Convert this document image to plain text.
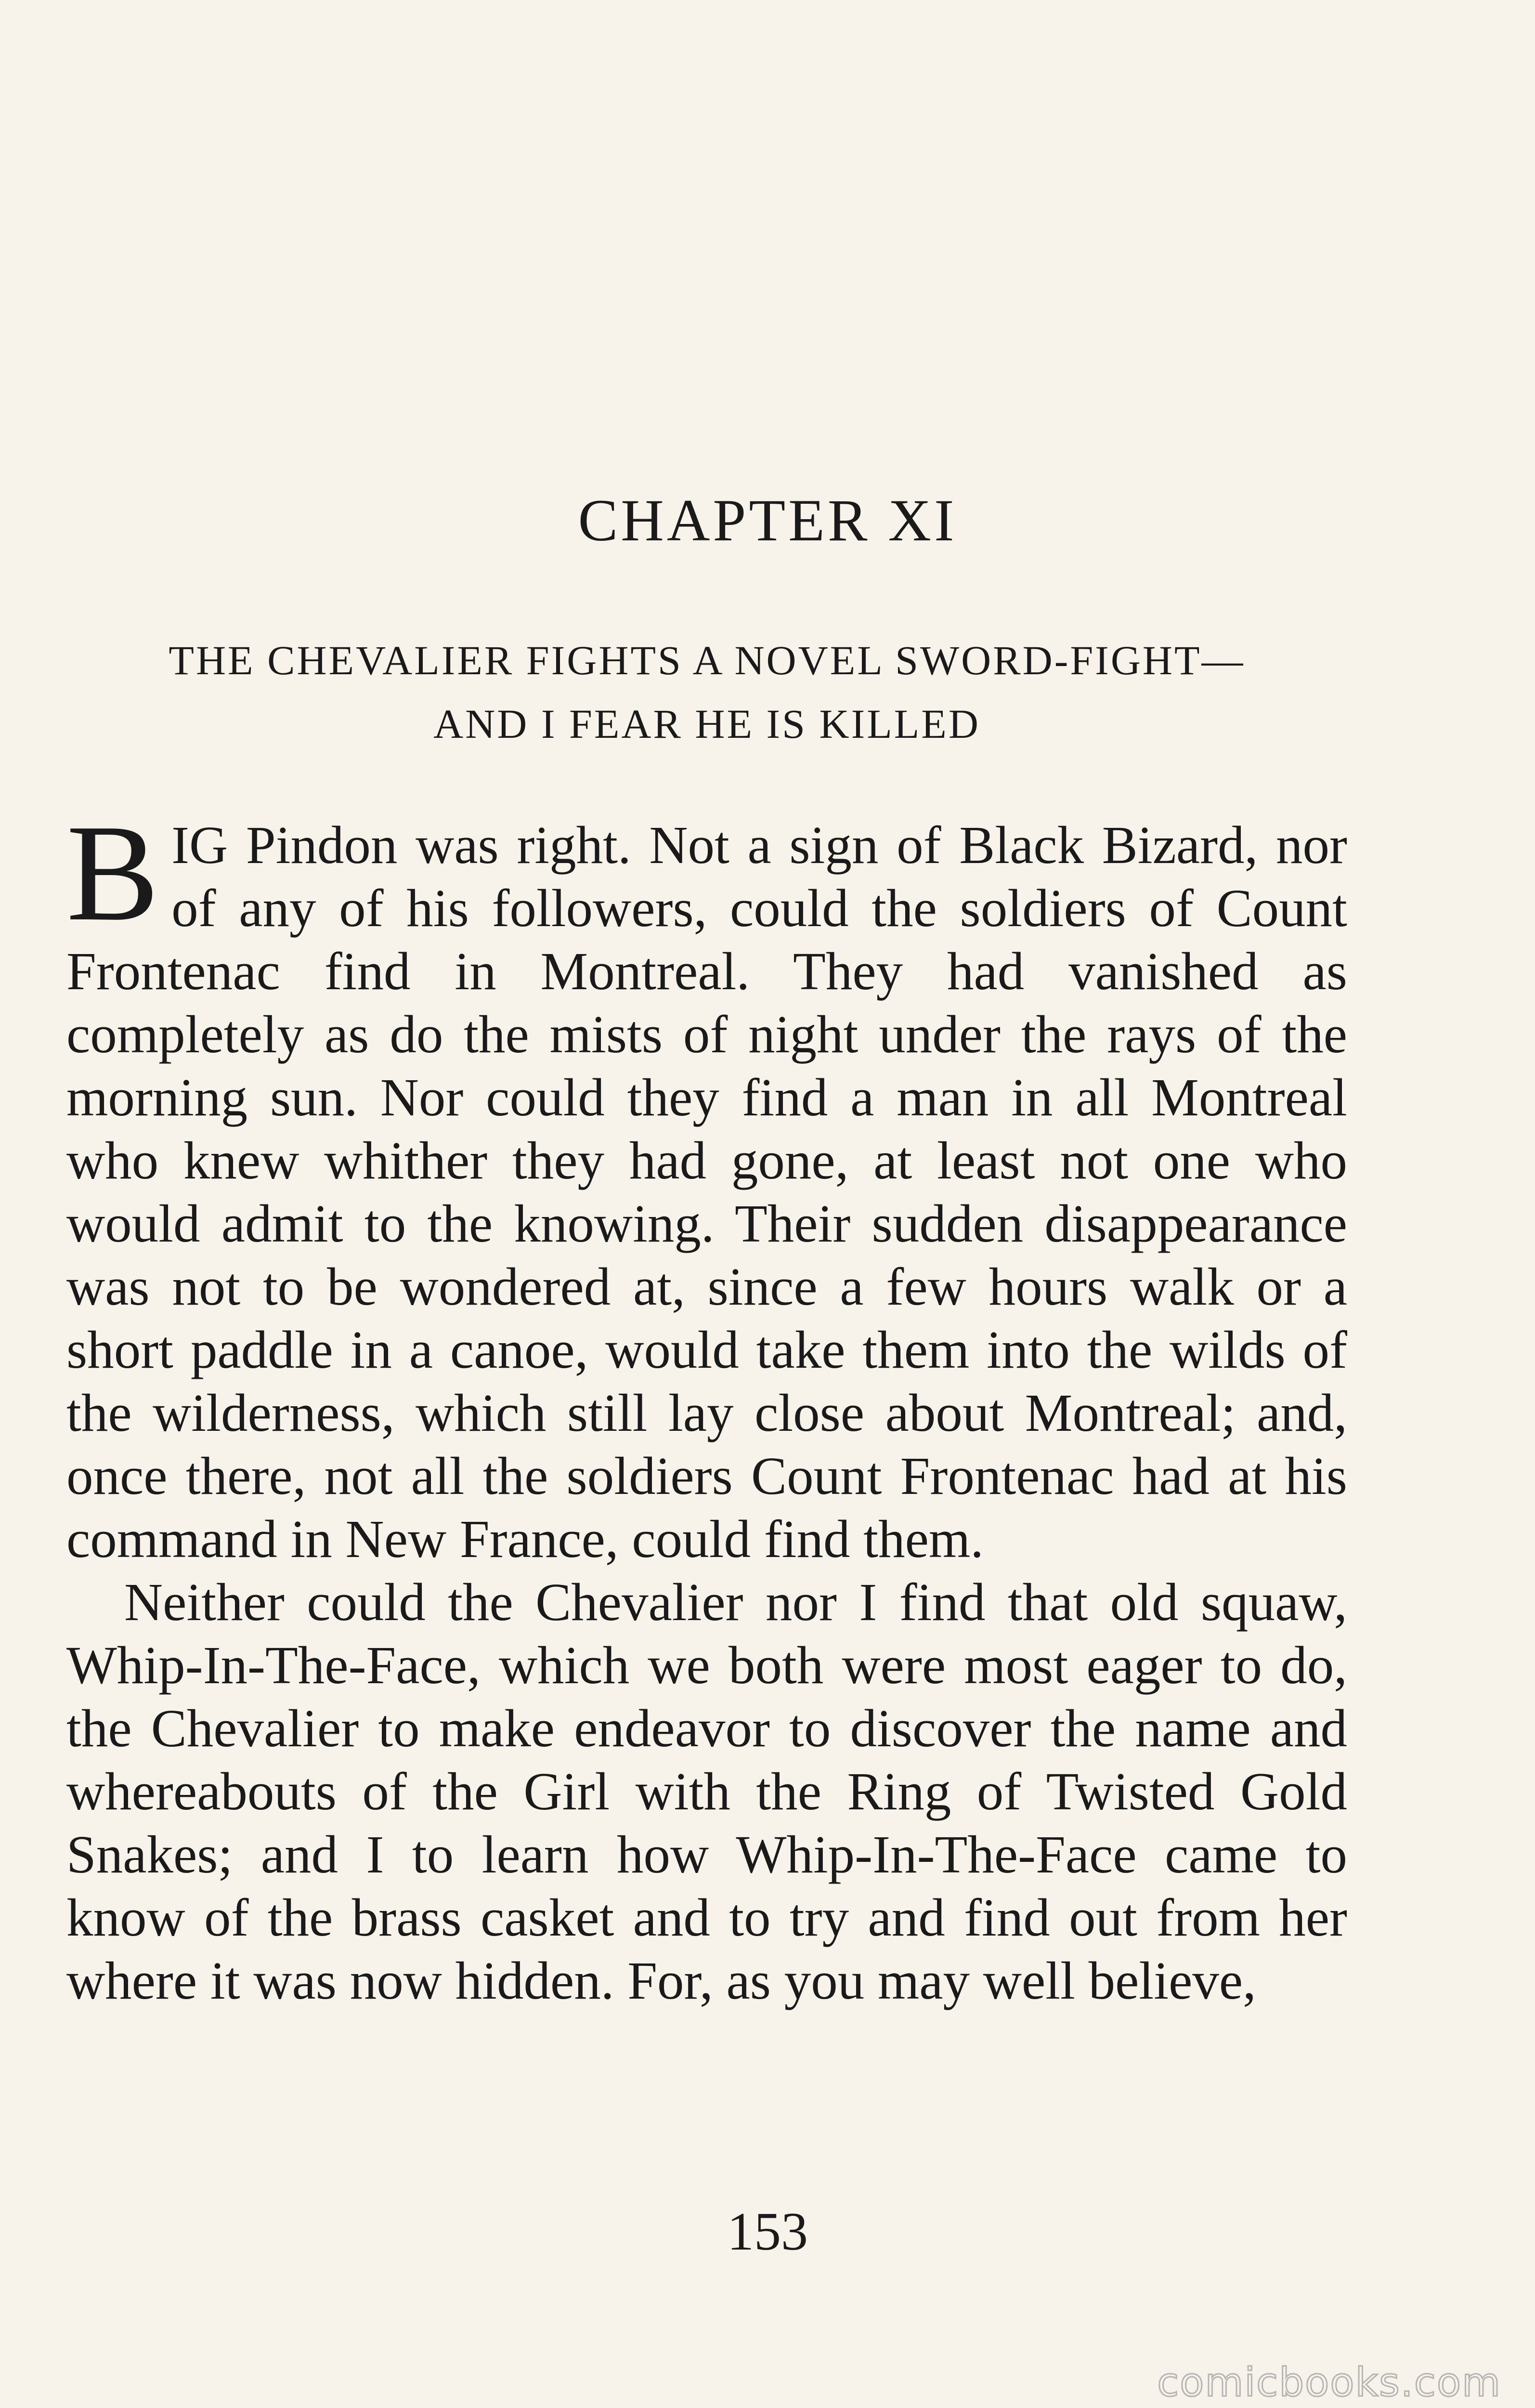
CHAPTER XI
THE CHEVALIER FIGHTS A NOVEL SWORD-FIGHT—
AND I FEAR HE IS KILLED

BIG Pindon was right. Not a sign of Black Bizard, nor of any of his followers, could the soldiers of Count Frontenac find in Montreal. They had vanished as completely as do the mists of night under the rays of the morning sun. Nor could they find a man in all Montreal who knew whither they had gone, at least not one who would admit to the knowing. Their sudden disappearance was not to be wondered at, since a few hours walk or a short paddle in a canoe, would take them into the wilds of the wilderness, which still lay close about Montreal; and, once there, not all the soldiers Count Frontenac had at his command in New France, could find them.

Neither could the Chevalier nor I find that old squaw, Whip-In-The-Face, which we both were most eager to do, the Chevalier to make endeavor to discover the name and whereabouts of the Girl with the Ring of Twisted Gold Snakes; and I to learn how Whip-In-The-Face came to know of the brass casket and to try and find out from her where it was now hidden. For, as you may well believe,

153
comicbooks.com
